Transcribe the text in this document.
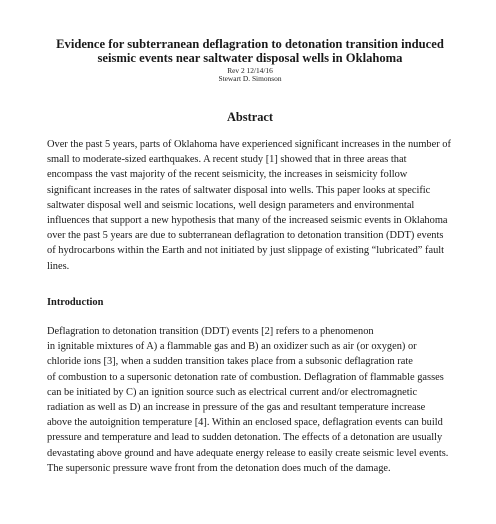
Evidence for subterranean deflagration to detonation transition induced
seismic events near saltwater disposal wells in Oklahoma

Rev 2 12/14/16

Stewart D. Simonson

Abstract

Over the past 5 years, parts of Oklahoma have experienced significant increases in the number of
small to moderate-sized earthquakes. A recent study [1] showed that in three areas that
encompass the vast majority of the recent seismicity, the increases in seismicity follow
significant increases in the rates of saltwater disposal into wells. This paper looks at specific
saltwater disposal well and seismic locations, well design parameters and environmental
influences that support a new hypothesis that many of the increased seismic events in Oklahoma
over the past 5 years are due to subterranean deflagration to detonation transition (DDT) events
of hydrocarbons within the Earth and not initiated by just slippage of existing “lubricated” fault
lines.

Introduction

Deflagration to detonation transition (DDT) events [2] refers to a phenomenon
in ignitable mixtures of A) a flammable gas and B) an oxidizer such as air (or oxygen) or
chloride ions [3], when a sudden transition takes place from a subsonic deflagration rate
of combustion to a supersonic detonation rate of combustion. Deflagration of flammable gasses
can be initiated by C) an ignition source such as electrical current and/or electromagnetic
radiation as well as D) an increase in pressure of the gas and resultant temperature increase
above the autoignition temperature [4]. Within an enclosed space, deflagration events can build
pressure and temperature and lead to sudden detonation. The effects of a detonation are usually
devastating above ground and have adequate energy release to easily create seismic level events.
The supersonic pressure wave front from the detonation does much of the damage.
